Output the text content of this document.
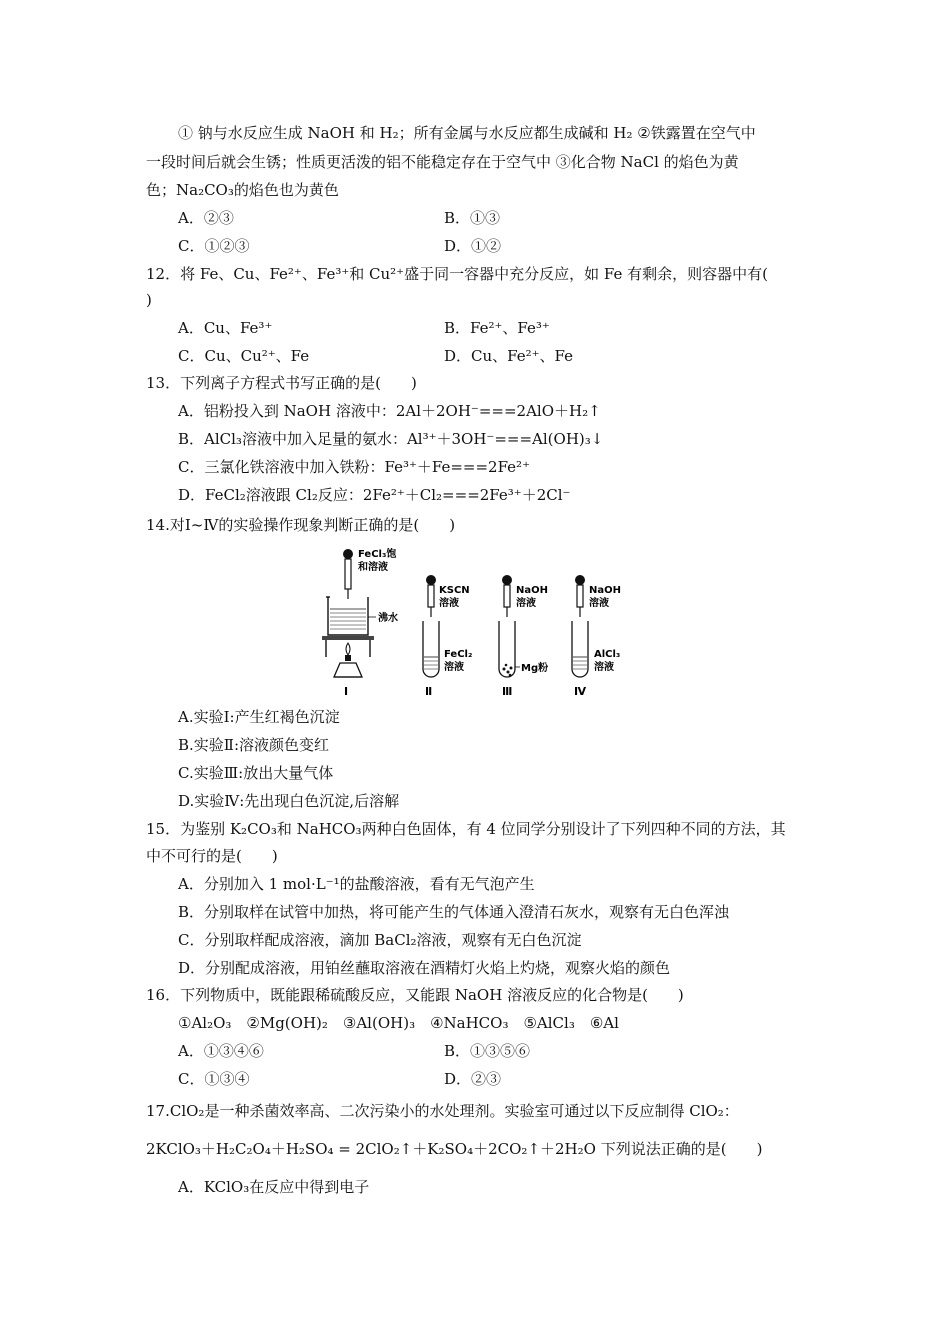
① 钠与水反应生成 NaOH 和 H₂；所有金属与水反应都生成碱和 H₂ ②铁露置在空气中
一段时间后就会生锈；性质更活泼的铝不能稳定存在于空气中 ③化合物 NaCl 的焰色为黄
色；Na₂CO₃的焰色也为黄色
A．②③	B．①③
C．①②③	D．①②
12．将 Fe、Cu、Fe²⁺、Fe³⁺和 Cu²⁺盛于同一容器中充分反应，如 Fe 有剩余，则容器中有(
)
A．Cu、Fe³⁺	B．Fe²⁺、Fe³⁺
C．Cu、Cu²⁺、Fe	D．Cu、Fe²⁺、Fe
13．下列离子方程式书写正确的是(　　)
A．铝粉投入到 NaOH 溶液中：2Al＋2OH⁻===2AlO＋H₂↑
B．AlCl₃溶液中加入足量的氨水：Al³⁺＋3OH⁻===Al(OH)₃↓
C．三氯化铁溶液中加入铁粉：Fe³⁺＋Fe===2Fe²⁺
D．FeCl₂溶液跟 Cl₂反应：2Fe²⁺＋Cl₂===2Fe³⁺＋2Cl⁻
14.对Ⅰ~Ⅳ的实验操作现象判断正确的是(　　)
FeCl₃饱
和溶液
沸水
Ⅰ
KSCN
溶液
FeCl₂
溶液
Ⅱ
NaOH
溶液
Mg粉
Ⅲ
NaOH
溶液
AlCl₃
溶液
Ⅳ
A.实验Ⅰ:产生红褐色沉淀
B.实验Ⅱ:溶液颜色变红
C.实验Ⅲ:放出大量气体
D.实验Ⅳ:先出现白色沉淀,后溶解
15．为鉴别 K₂CO₃和 NaHCO₃两种白色固体，有 4 位同学分别设计了下列四种不同的方法，其
中不可行的是(　　)
A．分别加入 1 mol·L⁻¹的盐酸溶液，看有无气泡产生
B．分别取样在试管中加热，将可能产生的气体通入澄清石灰水，观察有无白色浑浊
C．分别取样配成溶液，滴加 BaCl₂溶液，观察有无白色沉淀
D．分别配成溶液，用铂丝蘸取溶液在酒精灯火焰上灼烧，观察火焰的颜色
16．下列物质中，既能跟稀硫酸反应，又能跟 NaOH 溶液反应的化合物是(　　)
①Al₂O₃　②Mg(OH)₂　③Al(OH)₃　④NaHCO₃　⑤AlCl₃　⑥Al
A．①③④⑥	B．①③⑤⑥
C．①③④	D．②③
17.ClO₂是一种杀菌效率高、二次污染小的水处理剂。实验室可通过以下反应制得 ClO₂：
2KClO₃＋H₂C₂O₄＋H₂SO₄ = 2ClO₂↑＋K₂SO₄＋2CO₂↑＋2H₂O 下列说法正确的是(　　)
A．KClO₃在反应中得到电子
